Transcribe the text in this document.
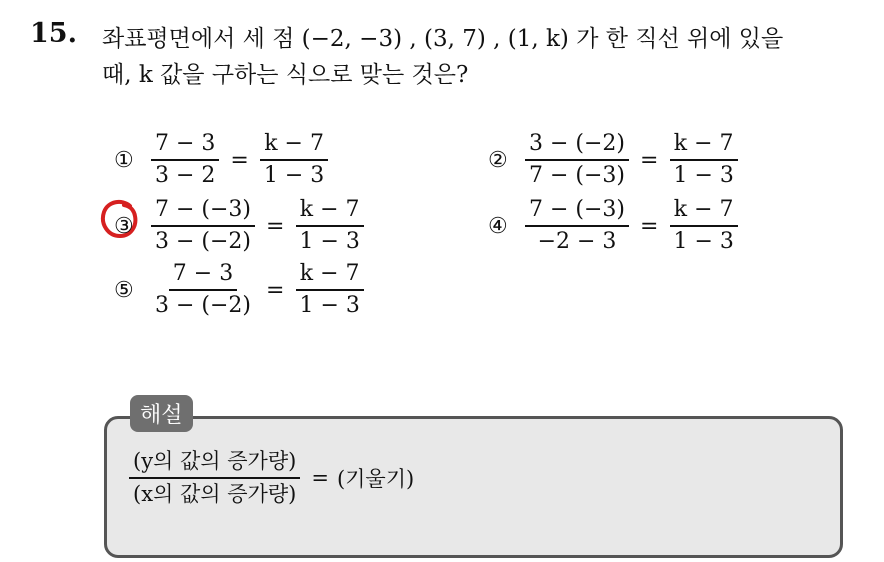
15. 좌표평면에서 세 점 (−2, −3) , (3, 7) , (1, k) 가 한 직선 위에 있을
때, k 값을 구하는 식으로 맞는 것은?
① $\frac{7 - 3}{3 - 2} = \frac{k - 7}{1 - 3}$	② $\frac{3 - (-2)}{7 - (-3)} = \frac{k - 7}{1 - 3}$
③ $\frac{7 - (-3)}{3 - (-2)} = \frac{k - 7}{1 - 3}$	④ $\frac{7 - (-3)}{-2 - 3} = \frac{k - 7}{1 - 3}$
⑤ $\frac{7 - 3}{3 - (-2)} = \frac{k - 7}{1 - 3}$
해설
$\frac{\text{(y의 값의 증가량)}}{\text{(x의 값의 증가량)}}$ = (기울기)
